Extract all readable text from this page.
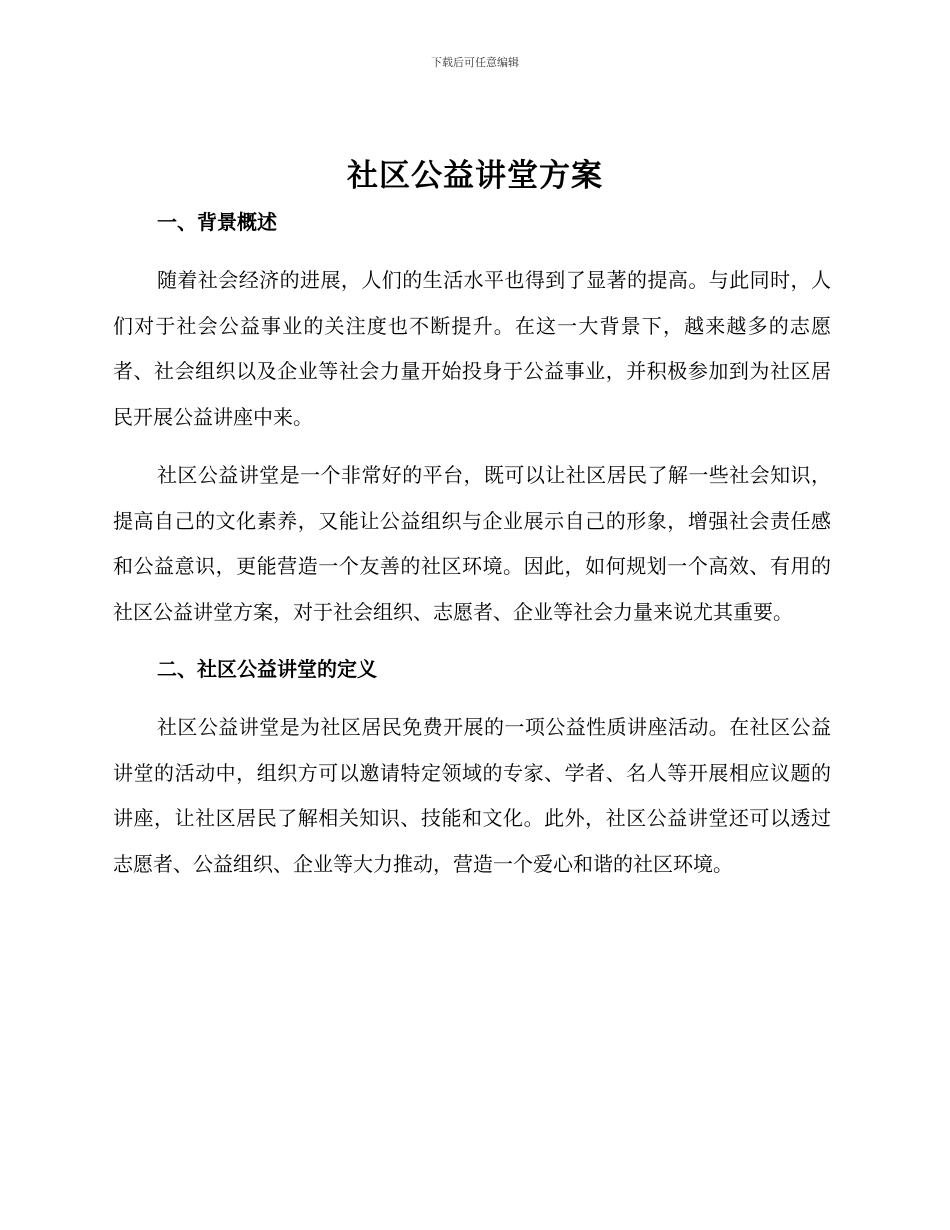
下载后可任意编辑
社区公益讲堂方案
一、背景概述

随着社会经济的进展，人们的生活水平也得到了显著的提高。与此同时，人们对于社会公益事业的关注度也不断提升。在这一大背景下，越来越多的志愿者、社会组织以及企业等社会力量开始投身于公益事业，并积极参加到为社区居民开展公益讲座中来。

社区公益讲堂是一个非常好的平台，既可以让社区居民了解一些社会知识，提高自己的文化素养，又能让公益组织与企业展示自己的形象，增强社会责任感和公益意识，更能营造一个友善的社区环境。因此，如何规划一个高效、有用的社区公益讲堂方案，对于社会组织、志愿者、企业等社会力量来说尤其重要。

二、社区公益讲堂的定义

社区公益讲堂是为社区居民免费开展的一项公益性质讲座活动。在社区公益讲堂的活动中，组织方可以邀请特定领域的专家、学者、名人等开展相应议题的讲座，让社区居民了解相关知识、技能和文化。此外，社区公益讲堂还可以透过志愿者、公益组织、企业等大力推动，营造一个爱心和谐的社区环境。
